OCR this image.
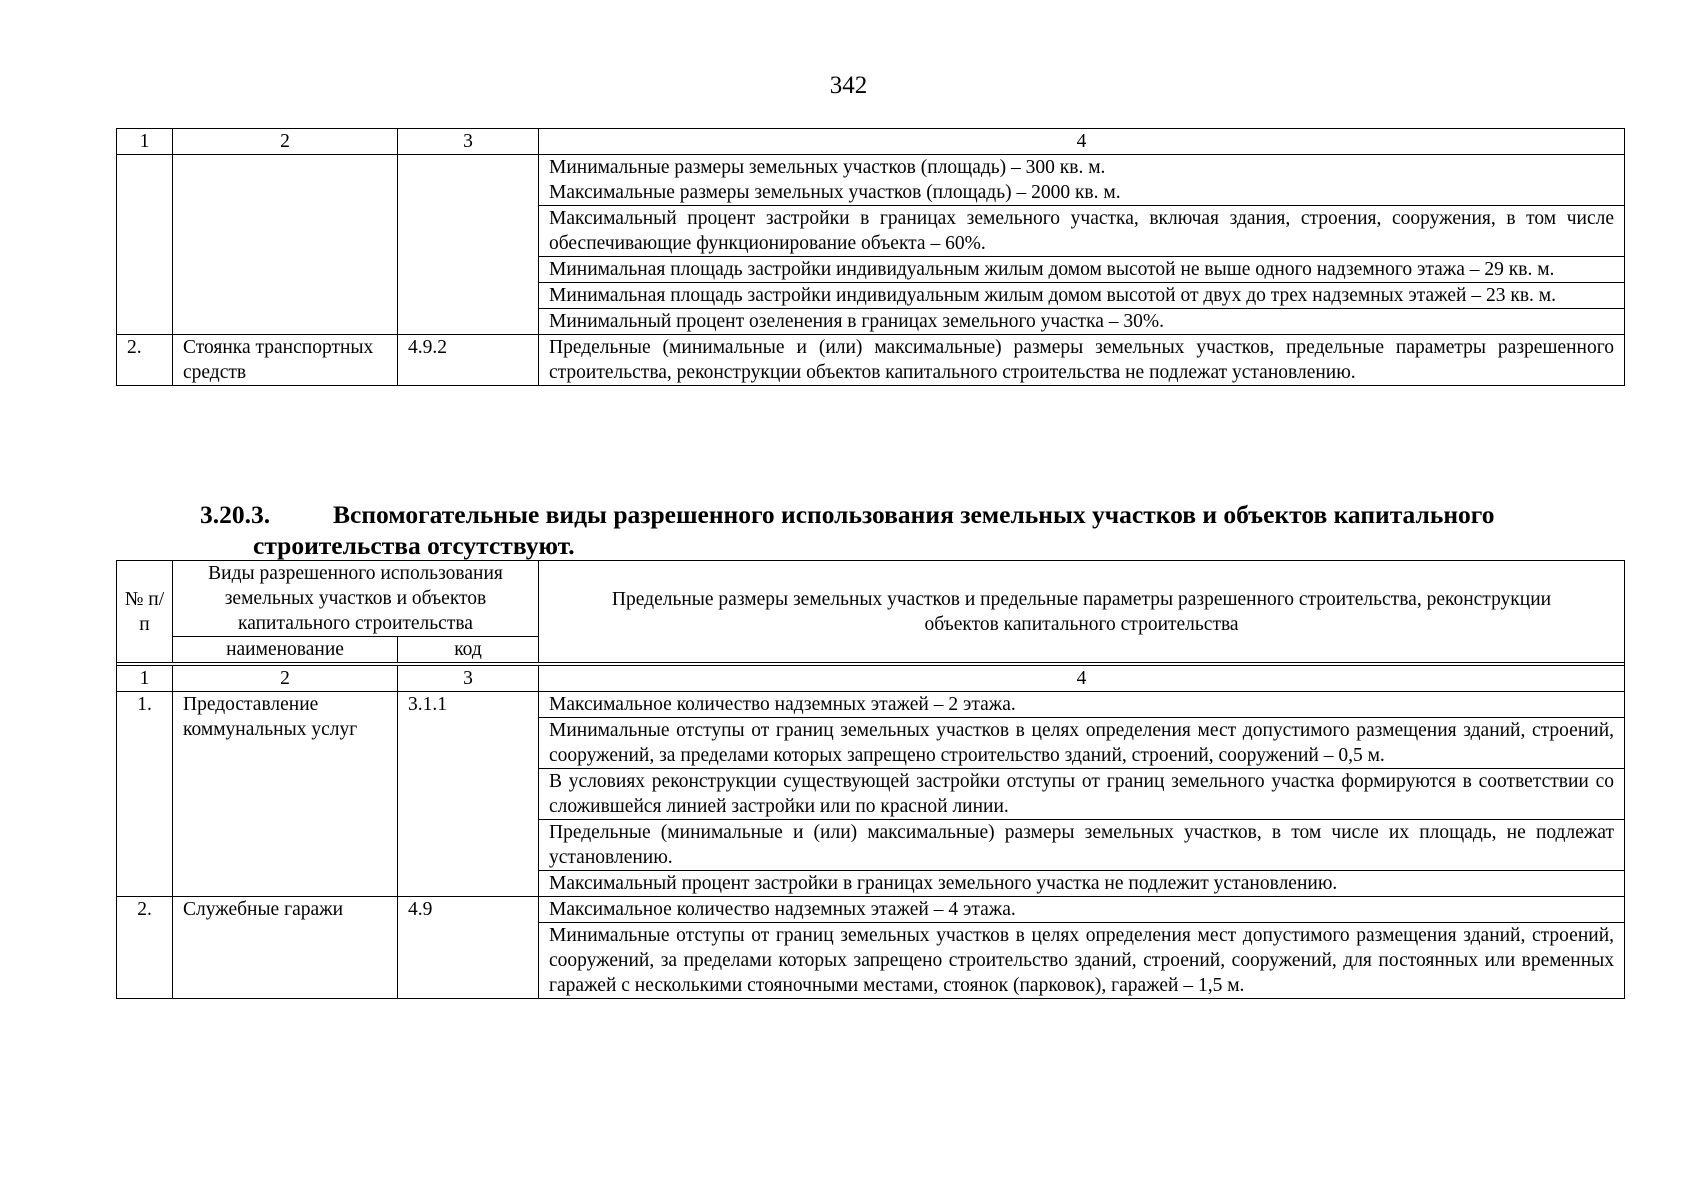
342
1	2	3	4
			Минимальные размеры земельных участков (площадь) – 300 кв. м.
Максимальные размеры земельных участков (площадь) – 2000 кв. м.
			Максимальный процент застройки в границах земельного участка, включая здания, строения, сооружения, в том числе обеспечивающие функционирование объекта – 60%.
			Минимальная площадь застройки индивидуальным жилым домом высотой не выше одного надземного этажа – 29 кв. м.
			Минимальная площадь застройки индивидуальным жилым домом высотой от двух до трех надземных этажей – 23 кв. м.
			Минимальный процент озеленения в границах земельного участка – 30%.
2.	Стоянка транспортных средств	4.9.2	Предельные (минимальные и (или) максимальные) размеры земельных участков, предельные параметры разрешенного строительства, реконструкции объектов капитального строительства не подлежат установлению.
3.20.3. Вспомогательные виды разрешенного использования земельных участков и объектов капитального
строительства отсутствуют.
№ п/п	Виды разрешенного использования земельных участков и объектов капитального строительства		Предельные размеры земельных участков и предельные параметры разрешенного строительства, реконструкции объектов капитального строительства
	наименование	код	

1	2	3	4
1.	Предоставление коммунальных услуг	3.1.1	Максимальное количество надземных этажей – 2 этажа.
			Минимальные отступы от границ земельных участков в целях определения мест допустимого размещения зданий, строений, сооружений, за пределами которых запрещено строительство зданий, строений, сооружений – 0,5 м.
			В условиях реконструкции существующей застройки отступы от границ земельного участка формируются в соответствии со сложившейся линией застройки или по красной линии.
			Предельные (минимальные и (или) максимальные) размеры земельных участков, в том числе их площадь, не подлежат установлению.
			Максимальный процент застройки в границах земельного участка не подлежит установлению.
2.	Служебные гаражи	4.9	Максимальное количество надземных этажей – 4 этажа.
			Минимальные отступы от границ земельных участков в целях определения мест допустимого размещения зданий, строений, сооружений, за пределами которых запрещено строительство зданий, строений, сооружений, для постоянных или временных гаражей с несколькими стояночными местами, стоянок (парковок), гаражей – 1,5 м.
